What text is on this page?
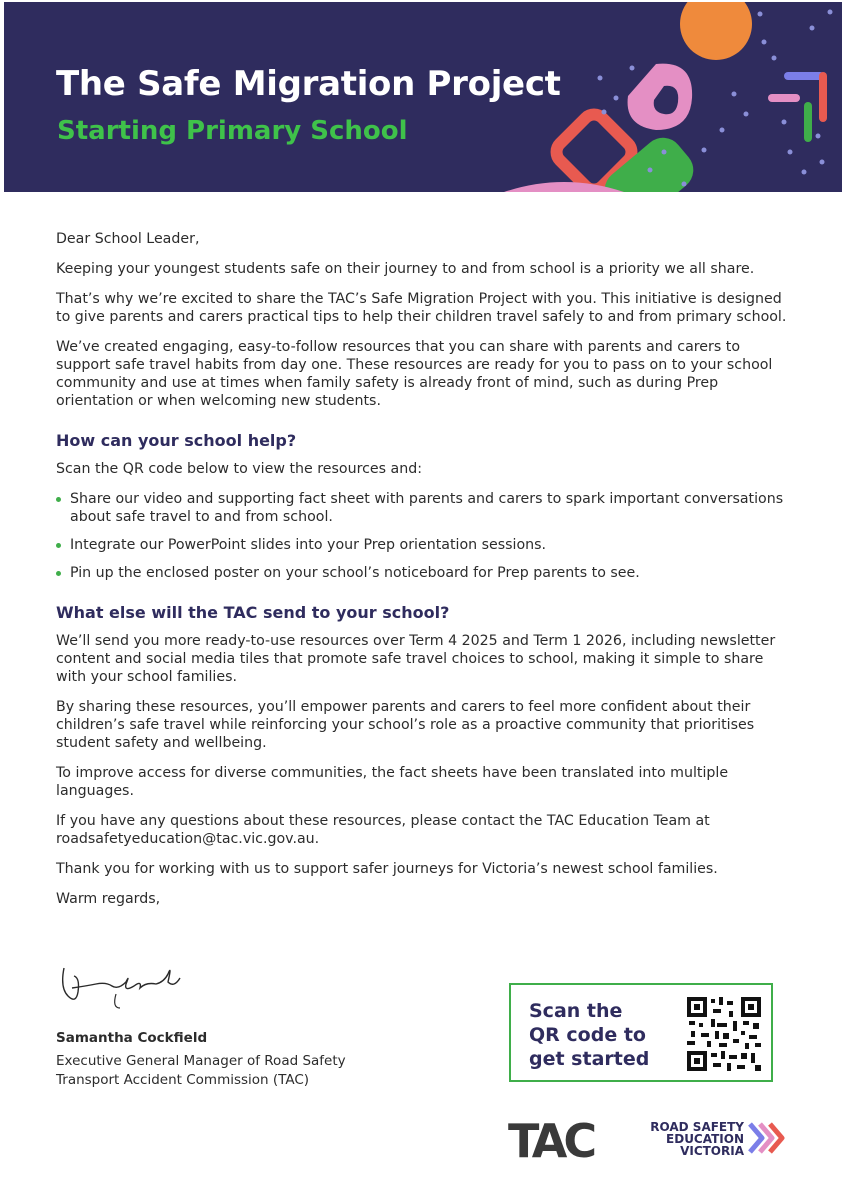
The Safe Migration Project
Starting Primary School

Dear School Leader,

Keeping your youngest students safe on their journey to and from school is a priority we all share.

That’s why we’re excited to share the TAC’s Safe Migration Project with you. This initiative is designed to give parents and carers practical tips to help their children travel safely to and from primary school.

We’ve created engaging, easy-to-follow resources that you can share with parents and carers to support safe travel habits from day one. These resources are ready for you to pass on to your school community and use at times when family safety is already front of mind, such as during Prep orientation or when welcoming new students.

How can your school help?

Scan the QR code below to view the resources and:

Share our video and supporting fact sheet with parents and carers to spark important conversations about safe travel to and from school.
Integrate our PowerPoint slides into your Prep orientation sessions.
Pin up the enclosed poster on your school’s noticeboard for Prep parents to see.
What else will the TAC send to your school?

We’ll send you more ready-to-use resources over Term 4 2025 and Term 1 2026, including newsletter content and social media tiles that promote safe travel choices to school, making it simple to share with your school families.

By sharing these resources, you’ll empower parents and carers to feel more confident about their children’s safe travel while reinforcing your school’s role as a proactive community that prioritises student safety and wellbeing.

To improve access for diverse communities, the fact sheets have been translated into multiple languages.

If you have any questions about these resources, please contact the TAC Education Team at roadsafetyeducation@tac.vic.gov.au.

Thank you for working with us to support safer journeys for Victoria’s newest school families.

Warm regards,

Samantha Cockfield
Executive General Manager of Road Safety
Transport Accident Commission (TAC)
Scan the
QR code to
get started
TAC	ROAD SAFETY
EDUCATION
VICTORIA
